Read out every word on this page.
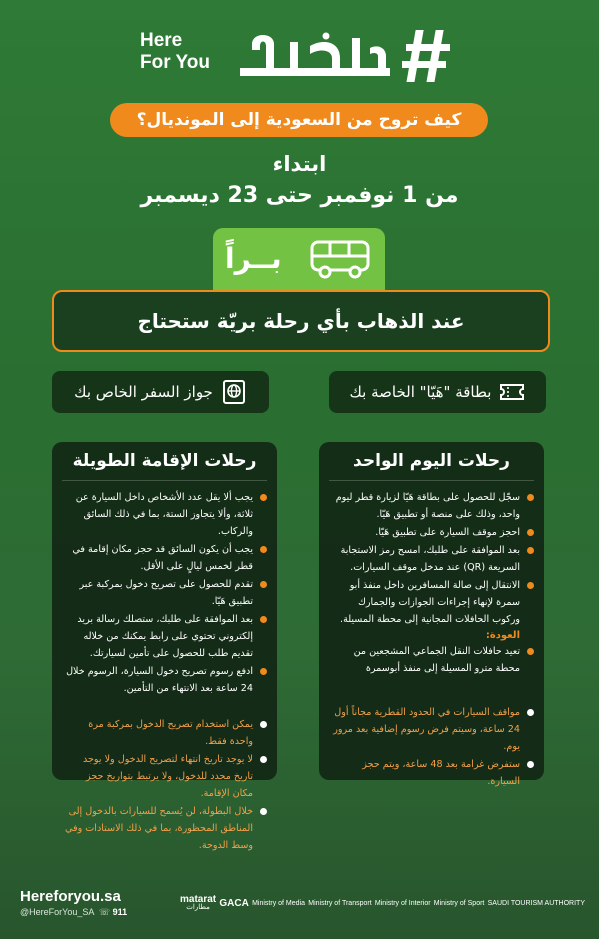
Here
For You
كيف تروح من السعودية إلى المونديال؟
ابتداء
من 1 نوفمبر حتى 23 ديسمبر
بــراً
عند الذهاب بأي رحلة بريّة ستحتاج
جواز السفر الخاص بك	بطاقة "هَيّا" الخاصة بك
رحلات اليوم الواحد
سجّل للحصول على بطاقة هَيّا لزيارة قطر ليوم واحد، وذلك على منصة أو تطبيق هَيّا.
احجز موقف السيارة على تطبيق هَيّا.
بعد الموافقة على طلبك، امسح رمز الاستجابة السريعة (QR) عند مدخل موقف السيارات.
الانتقال إلى صالة المسافرين داخل منفذ أبو سمرة لإنهاء إجراءات الجوازات والجمارك وركوب الحافلات المجانية إلى محطة المسيلة.
العودة:
تعيد حافلات النقل الجماعي المشجعين من محطة مترو المسيلة إلى منفذ أبوسمرة
مواقف السيارات في الحدود القطرية مجاناً أول 24 ساعة، وسيتم فرض رسوم إضافية بعد مرور يوم.
ستفرض غرامة بعد 48 ساعة، ويتم حجز السيارة.
رحلات الإقامة الطويلة
يجب ألا يقل عدد الأشخاص داخل السيارة عن ثلاثة، وألا يتجاوز الستة، بما في ذلك السائق والركاب.
يجب أن يكون السائق قد حجز مكان إقامة في قطر لخمس ليالٍ على الأقل.
تقدم للحصول على تصريح دخول بمركبة عبر تطبيق هَيّا.
بعد الموافقة على طلبك، ستصلك رسالة بريد إلكتروني تحتوي على رابط يمكنك من خلاله تقديم طلب للحصول على تأمين لسيارتك.
ادفع رسوم تصريح دخول السيارة، الرسوم خلال 24 ساعة بعد الانتهاء من التأمين.
يمكن استخدام تصريح الدخول بمركبة مرة واحدة فقط.
لا يوجد تاريخ انتهاء لتصريح الدخول ولا يوجد تاريخ محدد للدخول، ولا يرتبط بتواريخ حجز مكان الإقامة.
خلال البطولة، لن يُسمح للسيارات بالدخول إلى المناطق المحظورة، بما في ذلك الاستادات وفي وسط الدوحة.
Hereforyou.sa
@HereForYou_SA ☏ 911
matarat
مطارات GACA Ministry of Media Ministry of Transport Ministry of Interior Ministry of Sport SAUDI TOURISM AUTHORITY
